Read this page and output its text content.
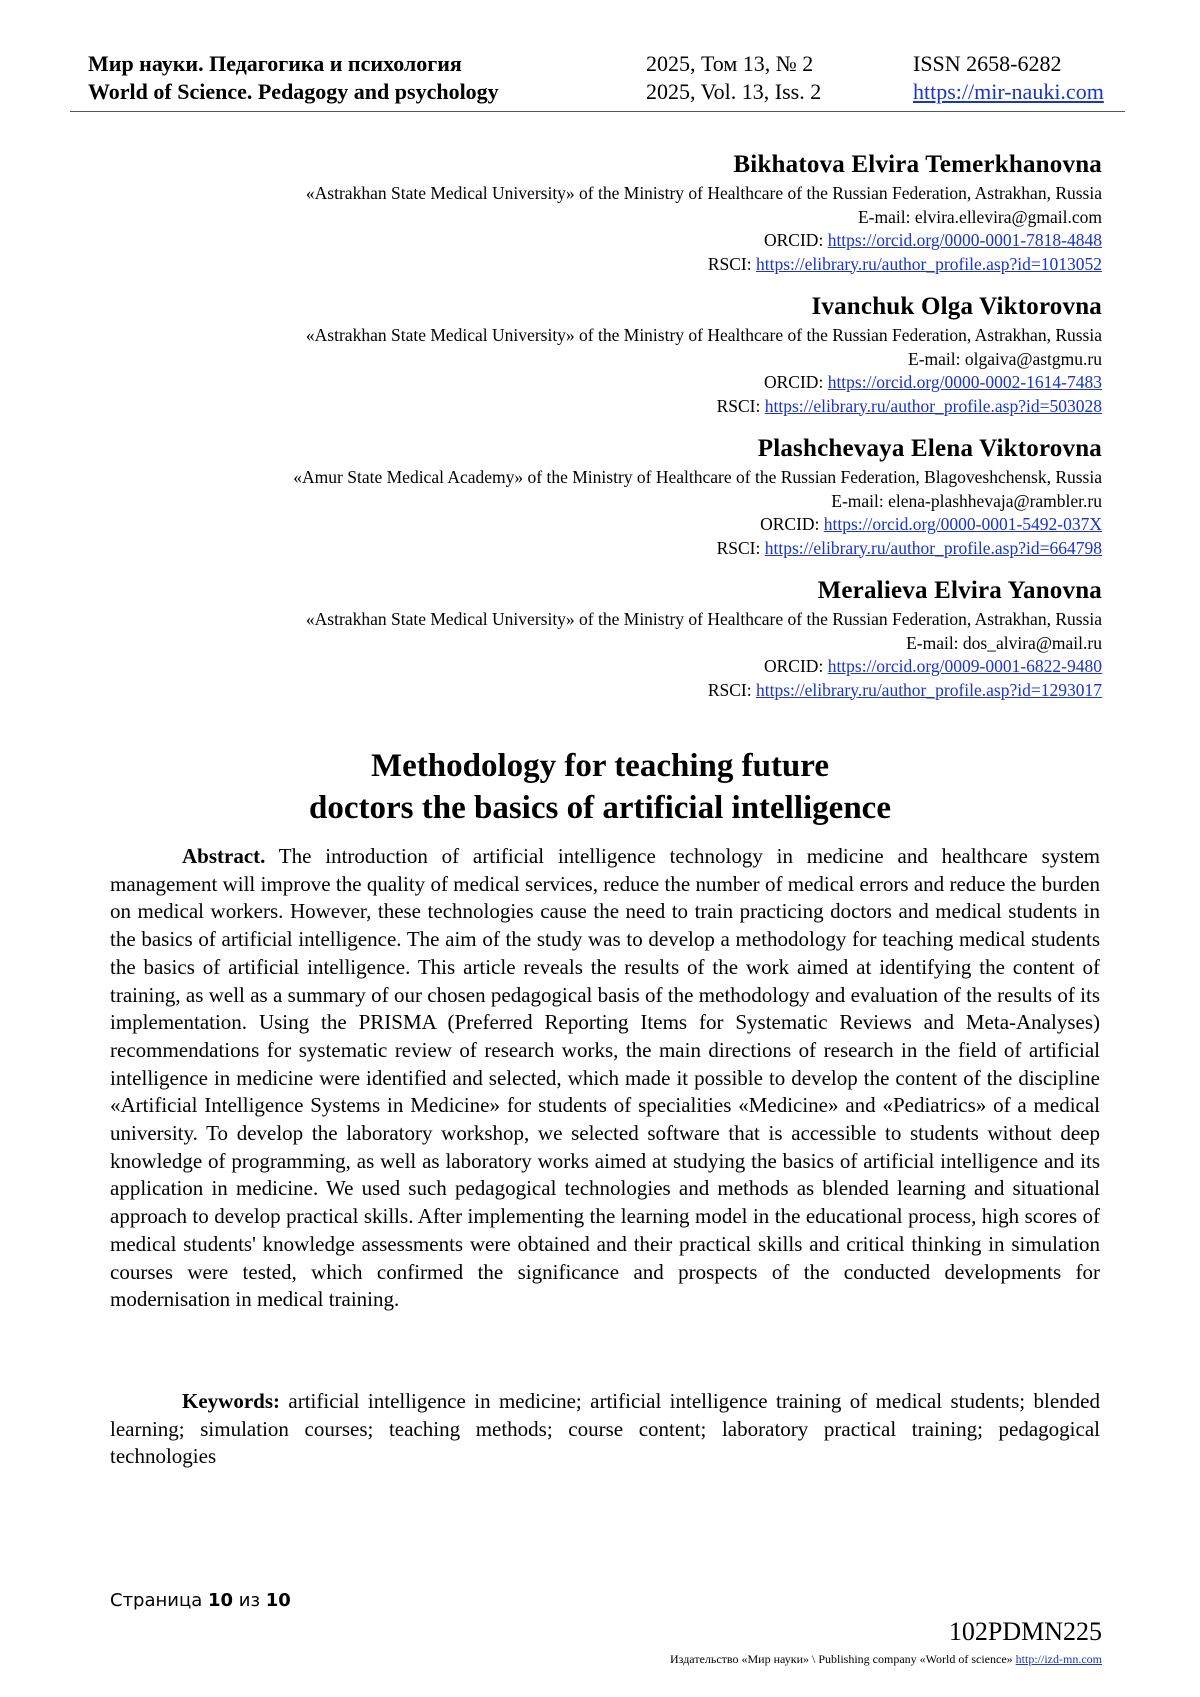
Мир науки. Педагогика и психология	2025, Том 13, № 2	ISSN 2658-6282
World of Science. Pedagogy and psychology	2025, Vol. 13, Iss. 2	https://mir-nauki.com
Bikhatova Elvira Temerkhanovna
«Astrakhan State Medical University» of the Ministry of Healthcare of the Russian Federation, Astrakhan, Russia
E-mail: elvira.ellevira@gmail.com
ORCID: https://orcid.org/0000-0001-7818-4848
RSCI: https://elibrary.ru/author_profile.asp?id=1013052
Ivanchuk Olga Viktorovna
«Astrakhan State Medical University» of the Ministry of Healthcare of the Russian Federation, Astrakhan, Russia
E-mail: olgaiva@astgmu.ru
ORCID: https://orcid.org/0000-0002-1614-7483
RSCI: https://elibrary.ru/author_profile.asp?id=503028
Plashchevaya Elena Viktorovna
«Amur State Medical Academy» of the Ministry of Healthcare of the Russian Federation, Blagoveshchensk, Russia
E-mail: elena-plashhevaja@rambler.ru
ORCID: https://orcid.org/0000-0001-5492-037X
RSCI: https://elibrary.ru/author_profile.asp?id=664798
Meralieva Elvira Yanovna
«Astrakhan State Medical University» of the Ministry of Healthcare of the Russian Federation, Astrakhan, Russia
E-mail: dos_alvira@mail.ru
ORCID: https://orcid.org/0009-0001-6822-9480
RSCI: https://elibrary.ru/author_profile.asp?id=1293017
Methodology for teaching future
doctors the basics of artificial intelligence
Abstract. The introduction of artificial intelligence technology in medicine and healthcare system management will improve the quality of medical services, reduce the number of medical errors and reduce the burden on medical workers. However, these technologies cause the need to train practicing doctors and medical students in the basics of artificial intelligence. The aim of the study was to develop a methodology for teaching medical students the basics of artificial intelligence. This article reveals the results of the work aimed at identifying the content of training, as well as a summary of our chosen pedagogical basis of the methodology and evaluation of the results of its implementation. Using the PRISMA (Preferred Reporting Items for Systematic Reviews and Meta-Analyses) recommendations for systematic review of research works, the main directions of research in the field of artificial intelligence in medicine were identified and selected, which made it possible to develop the content of the discipline «Artificial Intelligence Systems in Medicine» for students of specialities «Medicine» and «Pediatrics» of a medical university. To develop the laboratory workshop, we selected software that is accessible to students without deep knowledge of programming, as well as laboratory works aimed at studying the basics of artificial intelligence and its application in medicine. We used such pedagogical technologies and methods as blended learning and situational approach to develop practical skills. After implementing the learning model in the educational process, high scores of medical students' knowledge assessments were obtained and their practical skills and critical thinking in simulation courses were tested, which confirmed the significance and prospects of the conducted developments for modernisation in medical training.
Keywords: artificial intelligence in medicine; artificial intelligence training of medical students; blended learning; simulation courses; teaching methods; course content; laboratory practical training; pedagogical technologies
Страница 10 из 10
102PDMN225
Издательство «Мир науки» \ Publishing company «World of science» http://izd-mn.com
